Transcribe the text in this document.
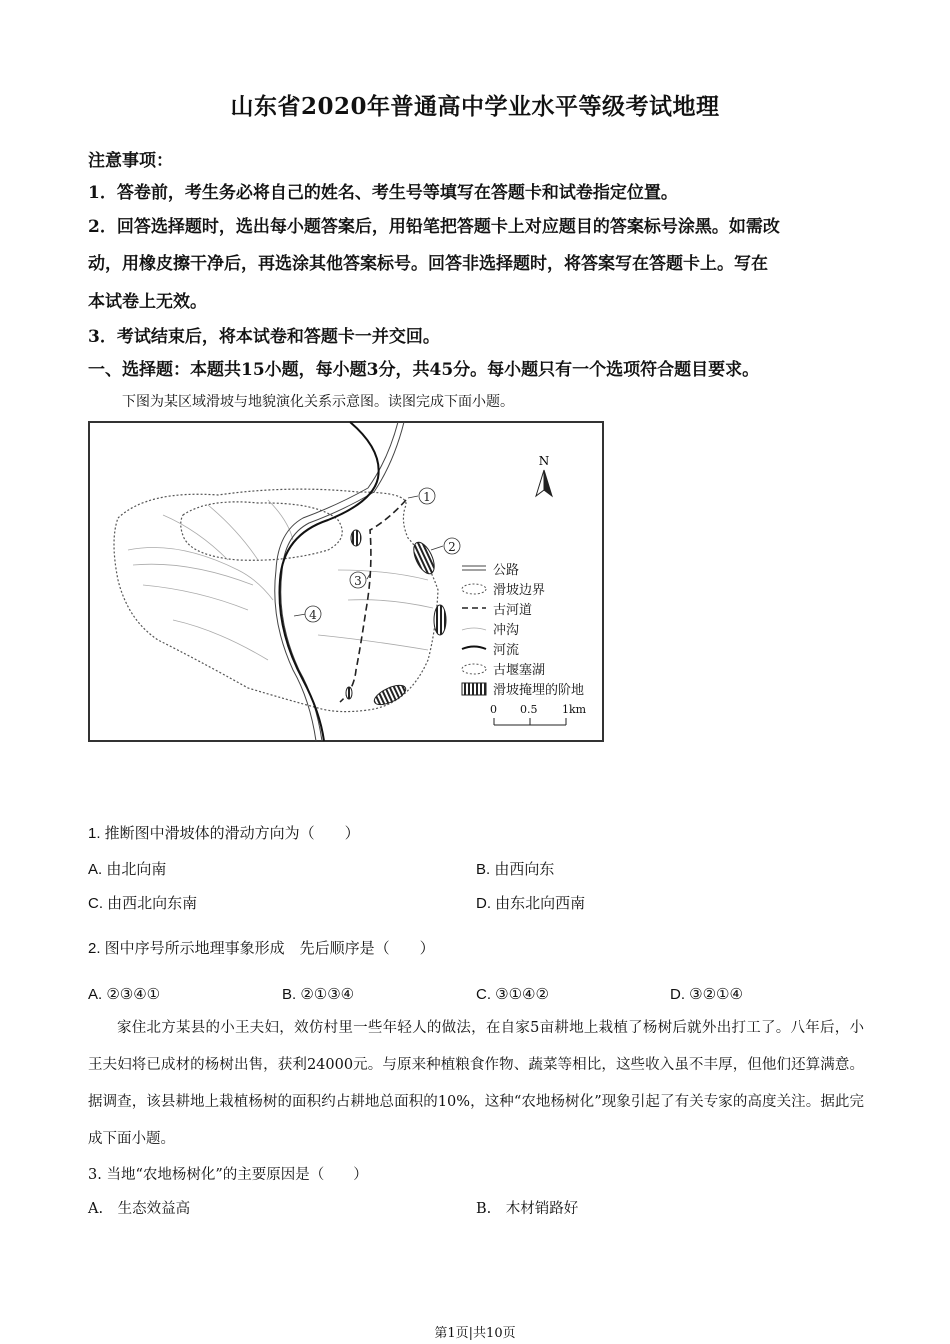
山东省2020年普通高中学业水平等级考试地理
注意事项：
1．答卷前，考生务必将自己的姓名、考生号等填写在答题卡和试卷指定位置。
2．回答选择题时，选出每小题答案后，用铅笔把答题卡上对应题目的答案标号涂黑。如需改
动，用橡皮擦干净后，再选涂其他答案标号。回答非选择题时，将答案写在答题卡上。写在
本试卷上无效。
3．考试结束后，将本试卷和答题卡一并交回。
一、选择题：本题共15小题，每小题3分，共45分。每小题只有一个选项符合题目要求。
下图为某区域滑坡与地貌演化关系示意图。读图完成下面小题。
1
2
3
4
N
公路
滑坡边界
古河道
冲沟
河流
古堰塞湖
滑坡掩埋的阶地
0 0.5 1km
1. 推断图中滑坡体的滑动方向为（　　）
A. 由北向南	B. 由西向东
C. 由西北向东南	D. 由东北向西南
2. 图中序号所示地理事象形成　先后顺序是（　　）
A. ②③④①	B. ②①③④	C. ③①④②	D. ③②①④

家住北方某县的小王夫妇，效仿村里一些年轻人的做法，在自家5亩耕地上栽植了杨树后就外出打工了。八年后，小王夫妇将已成材的杨树出售，获利24000元。与原来种植粮食作物、蔬菜等相比，这些收入虽不丰厚，但他们还算满意。据调查，该县耕地上栽植杨树的面积约占耕地总面积的10%，这种“农地杨树化”现象引起了有关专家的高度关注。据此完成下面小题。

3. 当地“农地杨树化”的主要原因是（　　）
A.　生态效益高	B.　木材销路好
第1页|共10页
